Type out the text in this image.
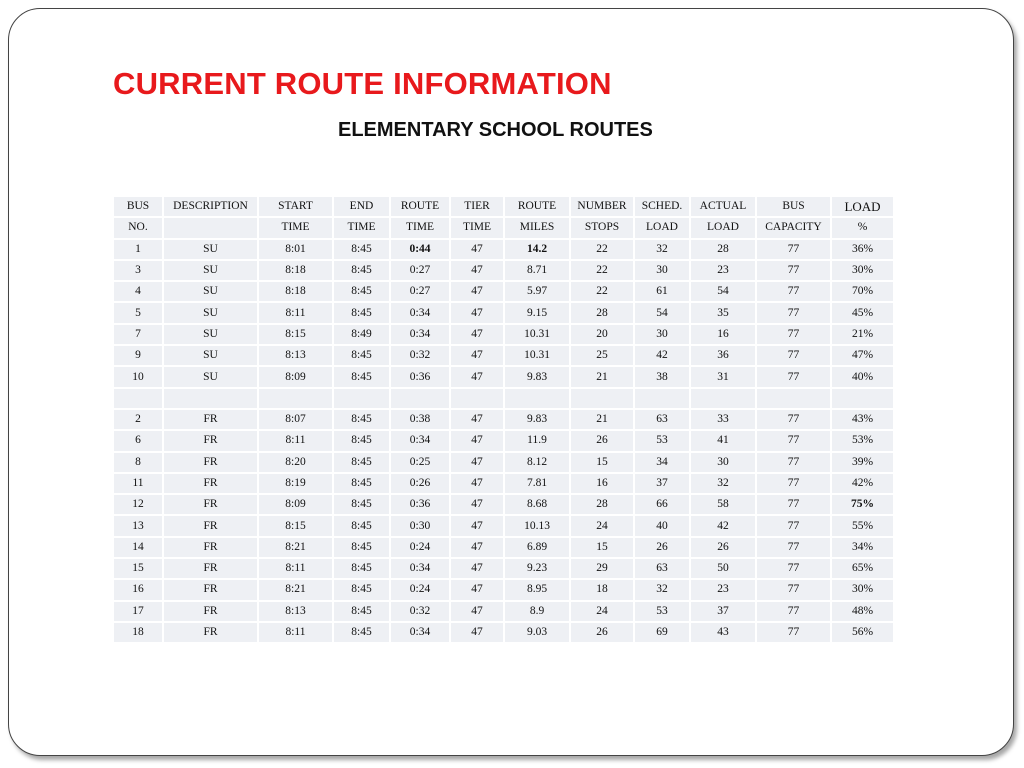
CURRENT ROUTE INFORMATION
ELEMENTARY SCHOOL ROUTES
BUS	DESCRIPTION	START	END	ROUTE	TIER	ROUTE	NUMBER	SCHED.	ACTUAL	BUS	LOAD
NO.		TIME	TIME	TIME	TIME	MILES	STOPS	LOAD	LOAD	CAPACITY	%
1	SU	8:01	8:45	0:44	47	14.2	22	32	28	77	36%
3	SU	8:18	8:45	0:27	47	8.71	22	30	23	77	30%
4	SU	8:18	8:45	0:27	47	5.97	22	61	54	77	70%
5	SU	8:11	8:45	0:34	47	9.15	28	54	35	77	45%
7	SU	8:15	8:49	0:34	47	10.31	20	30	16	77	21%
9	SU	8:13	8:45	0:32	47	10.31	25	42	36	77	47%
10	SU	8:09	8:45	0:36	47	9.83	21	38	31	77	40%

2	FR	8:07	8:45	0:38	47	9.83	21	63	33	77	43%
6	FR	8:11	8:45	0:34	47	11.9	26	53	41	77	53%
8	FR	8:20	8:45	0:25	47	8.12	15	34	30	77	39%
11	FR	8:19	8:45	0:26	47	7.81	16	37	32	77	42%
12	FR	8:09	8:45	0:36	47	8.68	28	66	58	77	75%
13	FR	8:15	8:45	0:30	47	10.13	24	40	42	77	55%
14	FR	8:21	8:45	0:24	47	6.89	15	26	26	77	34%
15	FR	8:11	8:45	0:34	47	9.23	29	63	50	77	65%
16	FR	8:21	8:45	0:24	47	8.95	18	32	23	77	30%
17	FR	8:13	8:45	0:32	47	8.9	24	53	37	77	48%
18	FR	8:11	8:45	0:34	47	9.03	26	69	43	77	56%
